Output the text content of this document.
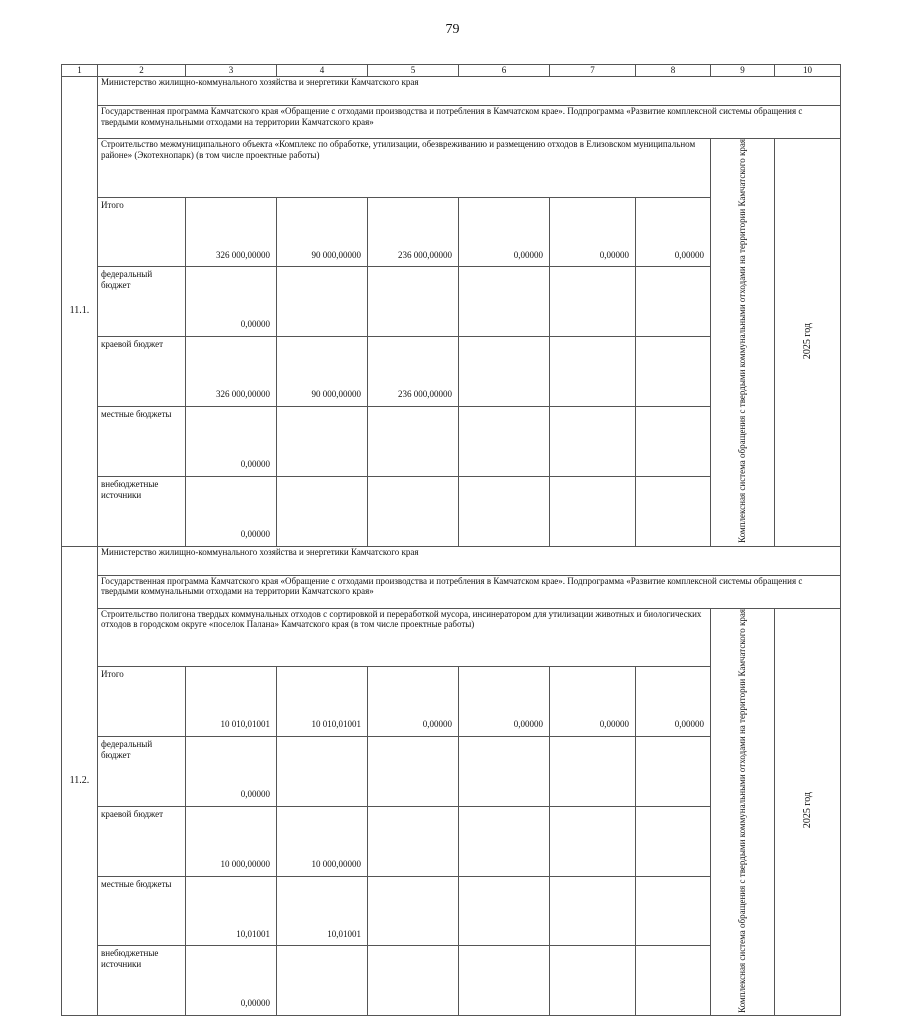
79
1	2	3	4	5	6	7	8	9	10
11.1.	Министерство жилищно-коммунального хозяйства и энергетики Камчатского края								
	Государственная программа Камчатского края «Обращение с отходами производства и потребления в Камчатском крае». Подпрограмма «Развитие комплексной системы обращения с твердыми коммунальными отходами на территории Камчатского края»								
	Строительство межмуниципального объекта «Комплекс по обработке, утилизации, обезвреживанию и размещению отходов в Елизовском муниципальном районе» (Экотехнопарк) (в том числе проектные работы)							Комплексная система обращения с твердыми коммунальными отходами на территории Камчатского края	2025 год
	Итого	326 000,00000	90 000,00000	236 000,00000	0,00000	0,00000	0,00000		
	федеральный бюджет	0,00000							
	краевой бюджет	326 000,00000	90 000,00000	236 000,00000					
	местные бюджеты	0,00000							
	внебюджетные источники	0,00000							
11.2.	Министерство жилищно-коммунального хозяйства и энергетики Камчатского края								
	Государственная программа Камчатского края «Обращение с отходами производства и потребления в Камчатском крае». Подпрограмма «Развитие комплексной системы обращения с твердыми коммунальными отходами на территории Камчатского края»								
	Строительство полигона твердых коммунальных отходов с сортировкой и переработкой мусора, инсинератором для утилизации животных и биологических отходов в городском округе «поселок Палана» Камчатского края (в том числе проектные работы)							Комплексная система обращения с твердыми коммунальными отходами на территории Камчатского края	2025 год
	Итого	10 010,01001	10 010,01001	0,00000	0,00000	0,00000	0,00000		
	федеральный бюджет	0,00000							
	краевой бюджет	10 000,00000	10 000,00000						
	местные бюджеты	10,01001	10,01001						
	внебюджетные источники	0,00000							
